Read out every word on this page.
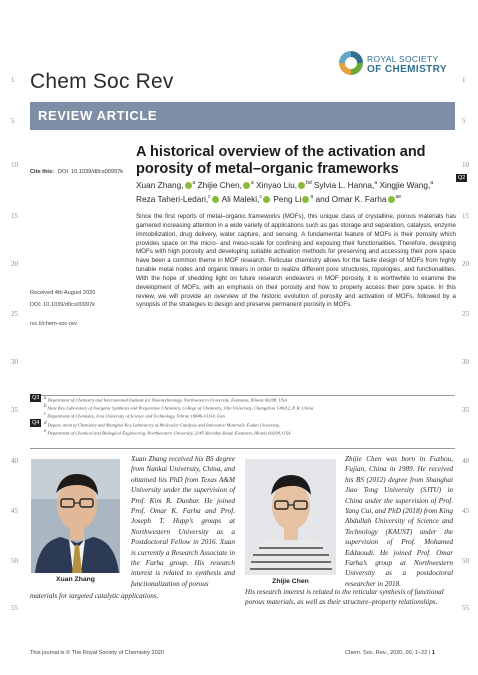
1	1
5	5
10	10
15	15
20	20
25	25
30	30
35	35
40	40
45	45
50	50
55	55
Chem Soc Rev
ROYAL SOCIETY
OF CHEMISTRY
REVIEW ARTICLE
A historical overview of the activation and porosity of metal–organic frameworks
Q2
Cite this: DOI: 10.1039/d0cs00997k
Xuan Zhang, $^a$ Zhijie Chen, $^a$ Xinyao Liu, $^{bd}$ Sylvia L. Hanna,$^a$ Xingjie Wang,$^a$
Reza Taheri-Ledari,$^c$ Ali Maleki,$^c$ Peng Li $^a$ and Omar K. Farha $^{ae}$
Since the first reports of metal–organic frameworks (MOFs), this unique class of crystalline, porous materials has garnered increasing attention in a wide variety of applications such as gas storage and separation, catalysis, enzyme immobilization, drug delivery, water capture, and sensing. A fundamental feature of MOFs is their porosity which provides space on the micro- and meso-scale for confining and exposing their functionalities. Therefore, designing MOFs with high porosity and developing suitable activation methods for preserving and accessing their pore space have been a common theme in MOF research. Reticular chemistry allows for the facile design of MOFs from highly tunable metal nodes and organic linkers in order to realize different pore structures, topologies, and functionalities. With the hope of shedding light on future research endeavors in MOF porosity, it is worthwhile to examine the development of MOFs, with an emphasis on their porosity and how to properly access their pore space. In this review, we will provide an overview of the historic evolution of porosity and activation of MOFs, followed by a synopsis of the strategies to design and preserve permanent porosity in MOFs.
Received 4th August 2020
DOI: 10.1039/d0cs00997k
rsc.li/chem-soc-rev
Q3 $^a$ Department of Chemistry and International Institute for Nanotechnology, Northwestern University, Evanston, Illinois 60208, USA
$^b$ State Key Laboratory of Inorganic Synthesis and Preparative Chemistry, College of Chemistry, Jilin University, Changchun 130012, P. R. China
$^c$ Department of Chemistry, Iran University of Science and Technology, Tehran 16846-13114, Iran
Q4 $^d$ Depart, ment of Chemistry and Shanghai Key Laboratory of Molecular Catalysis and Innovative Materials, Fudan University,
$^e$ Department of Chemical and Biological Engineering, Northwestern University, 2145 Sheridan Road, Evanston, Illinois 60208, USA
Xuan Zhang	Zhijie Chen
Xuan Zhang received his BS degree from Nankai University, China, and obtained his PhD from Texas A&M University under the supervision of Prof. Kim R. Dunbar. He joined Prof. Omar K. Farha and Prof. Joseph T. Hupp’s groups at Northwestern University as a Postdoctoral Fellow in 2016. Xuan is currently a Research Associate in the Farha group. His research interest is related to synthesis and functionalization of porous
materials for targeted catalytic applications.
Zhijie Chen was born in Fuzhou, Fujian, China in 1989. He received his BS (2012) degree from Shanghai Jiao Tong University (SJTU) in China under the supervision of Prof. Yang Cui, and PhD (2018) from King Abdullah University of Science and Technology (KAUST) under the supervision of Prof. Mohamed Eddaoudi. He joined Prof. Omar Farha’s group at Northwestern University as a postdoctoral researcher in 2018.
His research interest is related to the reticular synthesis of functional porous materials, as well as their structure–property relationships.
This journal is © The Royal Society of Chemistry 2020	Chem. Soc. Rev., 2020, 00, 1–22 | 1
